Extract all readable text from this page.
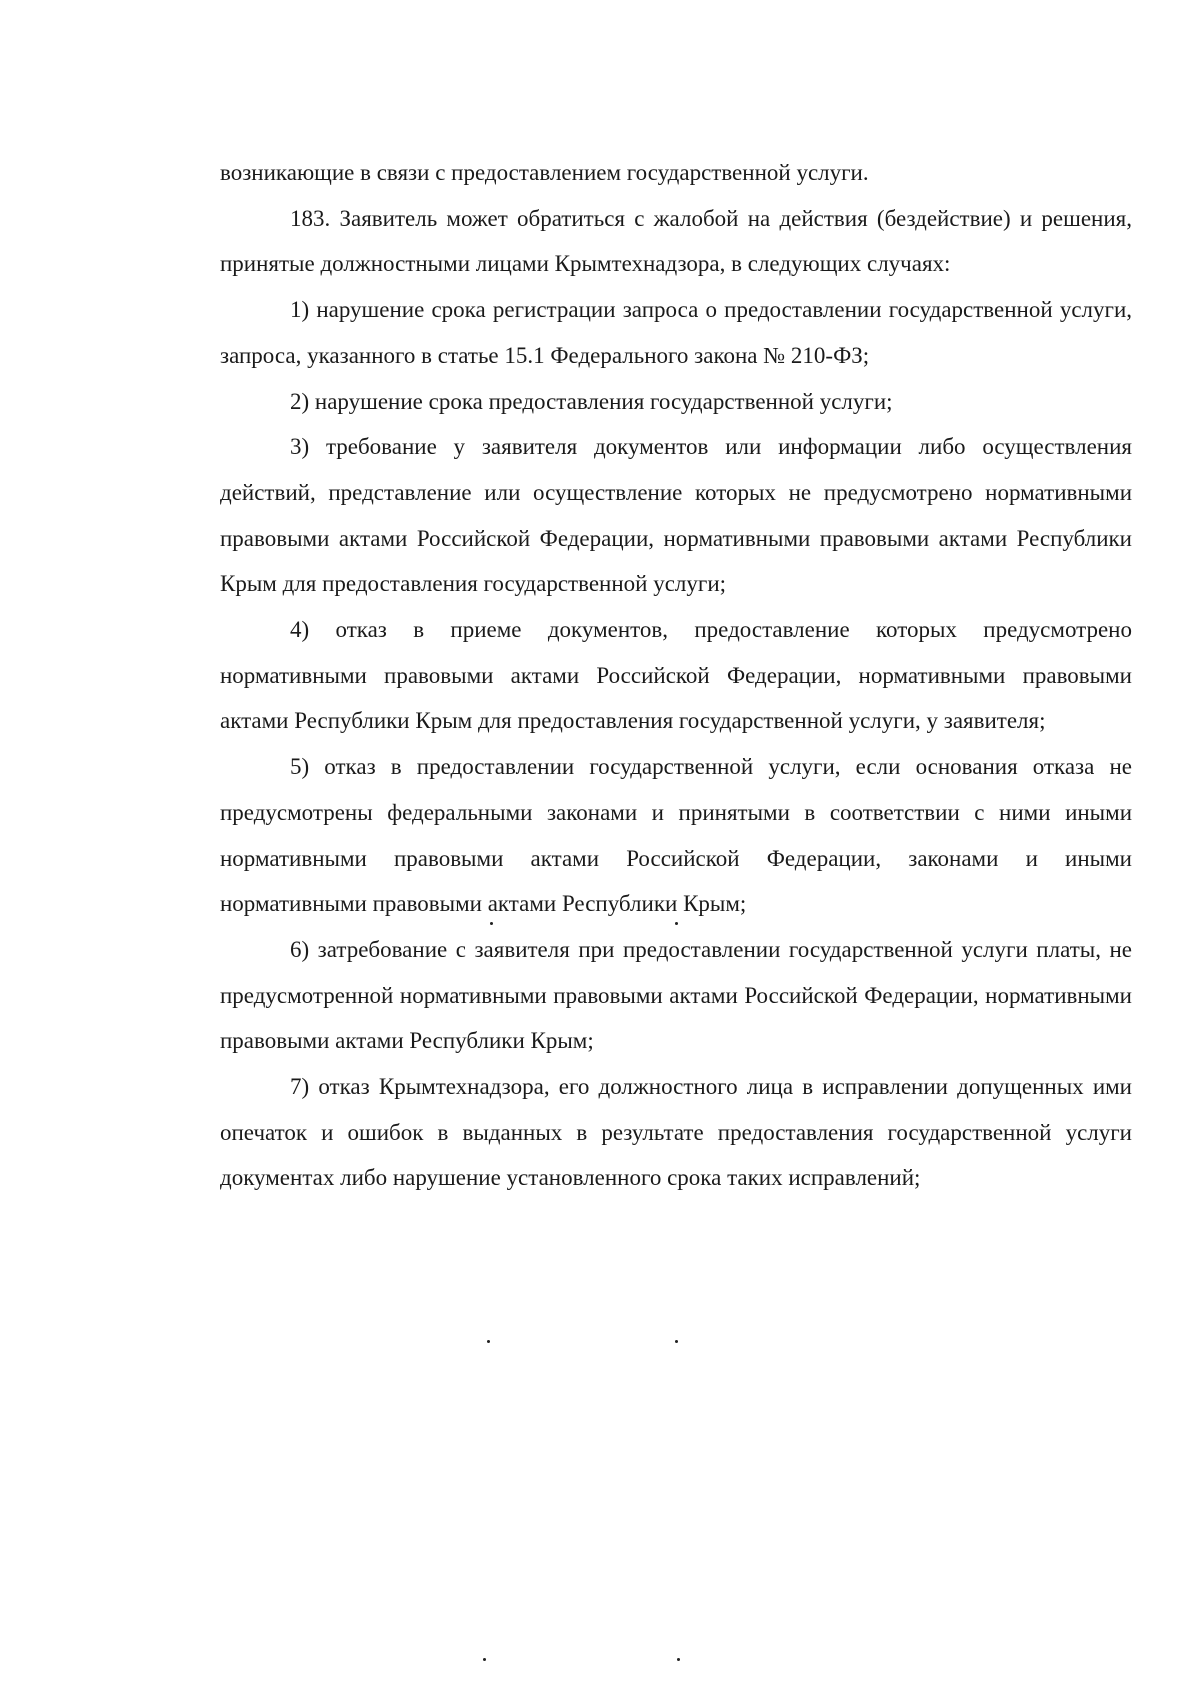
возникающие в связи с предоставлением государственной услуги.

183. Заявитель может обратиться с жалобой на действия (бездействие) и решения, принятые должностными лицами Крымтехнадзора, в следующих случаях:

1) нарушение срока регистрации запроса о предоставлении государственной услуги, запроса, указанного в статье 15.1 Федерального закона № 210-ФЗ;

2) нарушение срока предоставления государственной услуги;

3) требование у заявителя документов или информации либо осуществления действий, представление или осуществление которых не предусмотрено нормативными правовыми актами Российской Федерации, нормативными правовыми актами Республики Крым для предоставления государственной услуги;

4) отказ в приеме документов, предоставление которых предусмотрено нормативными правовыми актами Российской Федерации, нормативными правовыми актами Республики Крым для предоставления государственной услуги, у заявителя;

5) отказ в предоставлении государственной услуги, если основания отказа не предусмотрены федеральными законами и принятыми в соответствии с ними иными нормативными правовыми актами Российской Федерации, законами и иными нормативными правовыми актами Республики Крым;

6) затребование с заявителя при предоставлении государственной услуги платы, не предусмотренной нормативными правовыми актами Российской Федерации, нормативными правовыми актами Республики Крым;

7) отказ Крымтехнадзора, его должностного лица в исправлении допущенных ими опечаток и ошибок в выданных в результате предоставления государственной услуги документах либо нарушение установленного срока таких исправлений;
